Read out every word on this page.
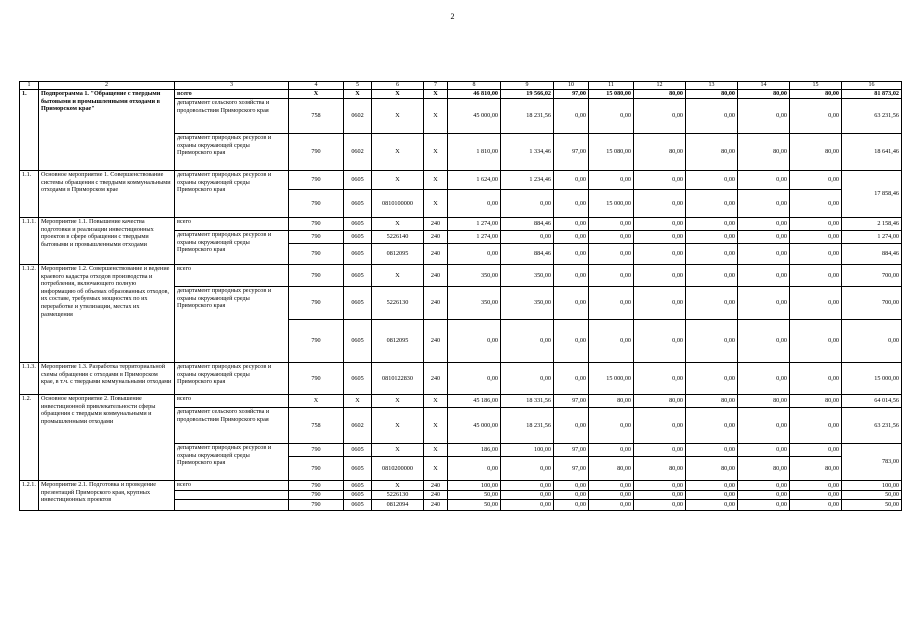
2
1	2	3	4	5	6	7	8	9	10	11	12	13	14	15	16
1.	Подпрограмма 1. "Обращение с твердыми бытовыми и промышленными отходами в Приморском крае"	всего	Х	Х	Х	Х	46 810,00	19 566,02	97,00	15 080,00	80,00	80,00	80,00	80,00	81 873,02
		департамент сельского хозяйства и продовольствия Приморского края	758	0602	Х	Х	45 000,00	18 231,56	0,00	0,00	0,00	0,00	0,00	0,00	63 231,56
		департамент природных ресурсов и охраны окружающей среды Приморского края	790	0602	Х	Х	1 810,00	1 334,46	97,00	15 080,00	80,00	80,00	80,00	80,00	18 641,46
1.1.	Основное мероприятие 1. Совершенствование системы обращения с твердыми коммунальными отходами в Приморском крае	департамент природных ресурсов и охраны окружающей среды Приморского края	790	0605	Х	Х	1 624,00	1 234,46	0,00	0,00	0,00	0,00	0,00	0,00	17 858,46
			790	0605	0810100000	Х	0,00	0,00	0,00	15 000,00	0,00	0,00	0,00	0,00	
1.1.1.	Мероприятие 1.1. Повышение качества подготовки и реализации инвестиционных проектов в сфере обращения с твердыми бытовыми и промышленными отходами	всего	790	0605	Х	240	1 274,00	884,46	0,00	0,00	0,00	0,00	0,00	0,00	2 158,46
		департамент природных ресурсов и охраны окружающей среды Приморского края	790	0605	5226140	240	1 274,00	0,00	0,00	0,00	0,00	0,00	0,00	0,00	1 274,00
			790	0605	0812095	240	0,00	884,46	0,00	0,00	0,00	0,00	0,00	0,00	884,46
1.1.2.	Мероприятие 1.2. Совершенствование и ведение краевого кадастра отходов производства и потребления, включающего полную информацию об объемах образованных отходов, их составе, требуемых мощностях по их переработке и утилизации, местах их размещения	всего	790	0605	Х	240	350,00	350,00	0,00	0,00	0,00	0,00	0,00	0,00	700,00
		департамент природных ресурсов и охраны окружающей среды Приморского края	790	0605	5226130	240	350,00	350,00	0,00	0,00	0,00	0,00	0,00	0,00	700,00
			790	0605	0812095	240	0,00	0,00	0,00	0,00	0,00	0,00	0,00	0,00	0,00
1.1.3.	Мероприятие 1.3. Разработка территориальной схемы обращения с отходами в Приморском крае, в т.ч. с твердыми коммунальными отходами	департамент природных ресурсов и охраны окружающей среды Приморского края	790	0605	0810122830	240	0,00	0,00	0,00	15 000,00	0,00	0,00	0,00	0,00	15 000,00
1.2.	Основное мероприятие 2. Повышение инвестиционной привлекательности сферы обращения с твердыми коммунальными и промышленными отходами	всего	Х	Х	Х	Х	45 186,00	18 331,56	97,00	80,00	80,00	80,00	80,00	80,00	64 014,56
		департамент сельского хозяйства и продовольствия Приморского края	758	0602	Х	Х	45 000,00	18 231,56	0,00	0,00	0,00	0,00	0,00	0,00	63 231,56
		департамент природных ресурсов и охраны окружающей среды Приморского края	790	0605	Х	Х	186,00	100,00	97,00	0,00	0,00	0,00	0,00	0,00	783,00
			790	0605	0810200000	Х	0,00	0,00	97,00	80,00	80,00	80,00	80,00	80,00	
1.2.1.	Мероприятие 2.1. Подготовка и проведение презентаций Приморского края, крупных инвестиционных проектов	всего	790	0605	Х	240	100,00	0,00	0,00	0,00	0,00	0,00	0,00	0,00	100,00
			790	0605	5226130	240	50,00	0,00	0,00	0,00	0,00	0,00	0,00	0,00	50,00
			790	0605	0812094	240	50,00	0,00	0,00	0,00	0,00	0,00	0,00	0,00	50,00
